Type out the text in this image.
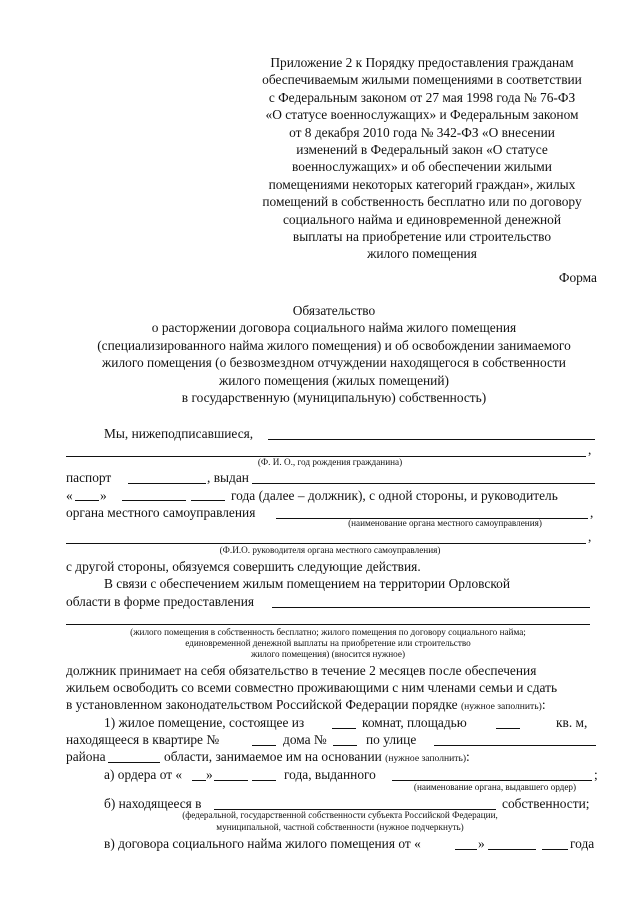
Приложение 2 к Порядку предоставления гражданам
обеспечиваемым жилыми помещениями в соответствии
с Федеральным законом от 27 мая 1998 года № 76-ФЗ
«О статусе военнослужащих» и Федеральным законом
от 8 декабря 2010 года № 342-ФЗ «О внесении
изменений в Федеральный закон «О статусе
военнослужащих» и об обеспечении жилыми
помещениями некоторых категорий граждан», жилых
помещений в собственность бесплатно или по договору
социального найма и единовременной денежной
выплаты на приобретение или строительство
жилого помещения
Форма
Обязательство
о расторжении договора социального найма жилого помещения
(специализированного найма жилого помещения) и об освобождении занимаемого
жилого помещения (о безвозмездном отчуждении находящегося в собственности
жилого помещения (жилых помещений)
в государственную (муниципальную) собственность)
Мы, нижеподписавшиеся,
,
(Ф. И. О., год рождения гражданина)
паспорт	, выдан
« »	года (далее – должник), с одной стороны, и руководитель
органа местного самоуправления	,
(наименование органа местного самоуправления)
,
(Ф.И.О. руководителя органа местного самоуправления)
с другой стороны, обязуемся совершить следующие действия.
В связи с обеспечением жилым помещением на территории Орловской
области в форме предоставления
(жилого помещения в собственность бесплатно; жилого помещения по договору социального найма;
единовременной денежной выплаты на приобретение или строительство
жилого помещения) (вносится нужное)
должник принимает на себя обязательство в течение 2 месяцев после обеспечения
жильем освободить со всеми совместно проживающими с ним членами семьи и сдать
в установленном законодательством Российской Федерации порядке (нужное заполнить):
1) жилое помещение, состоящее из	комнат, площадью	кв. м,
находящееся в квартире №	дома №	по улице
района	области, занимаемое им на основании (нужное заполнить):
а) ордера от « »	года, выданного	;
(наименование органа, выдавшего ордер)
б) находящееся в	собственности;
(федеральной, государственной собственности субъекта Российской Федерации,
муниципальной, частной собственности (нужное подчеркнуть)
в) договора социального найма жилого помещения от «	»	года
